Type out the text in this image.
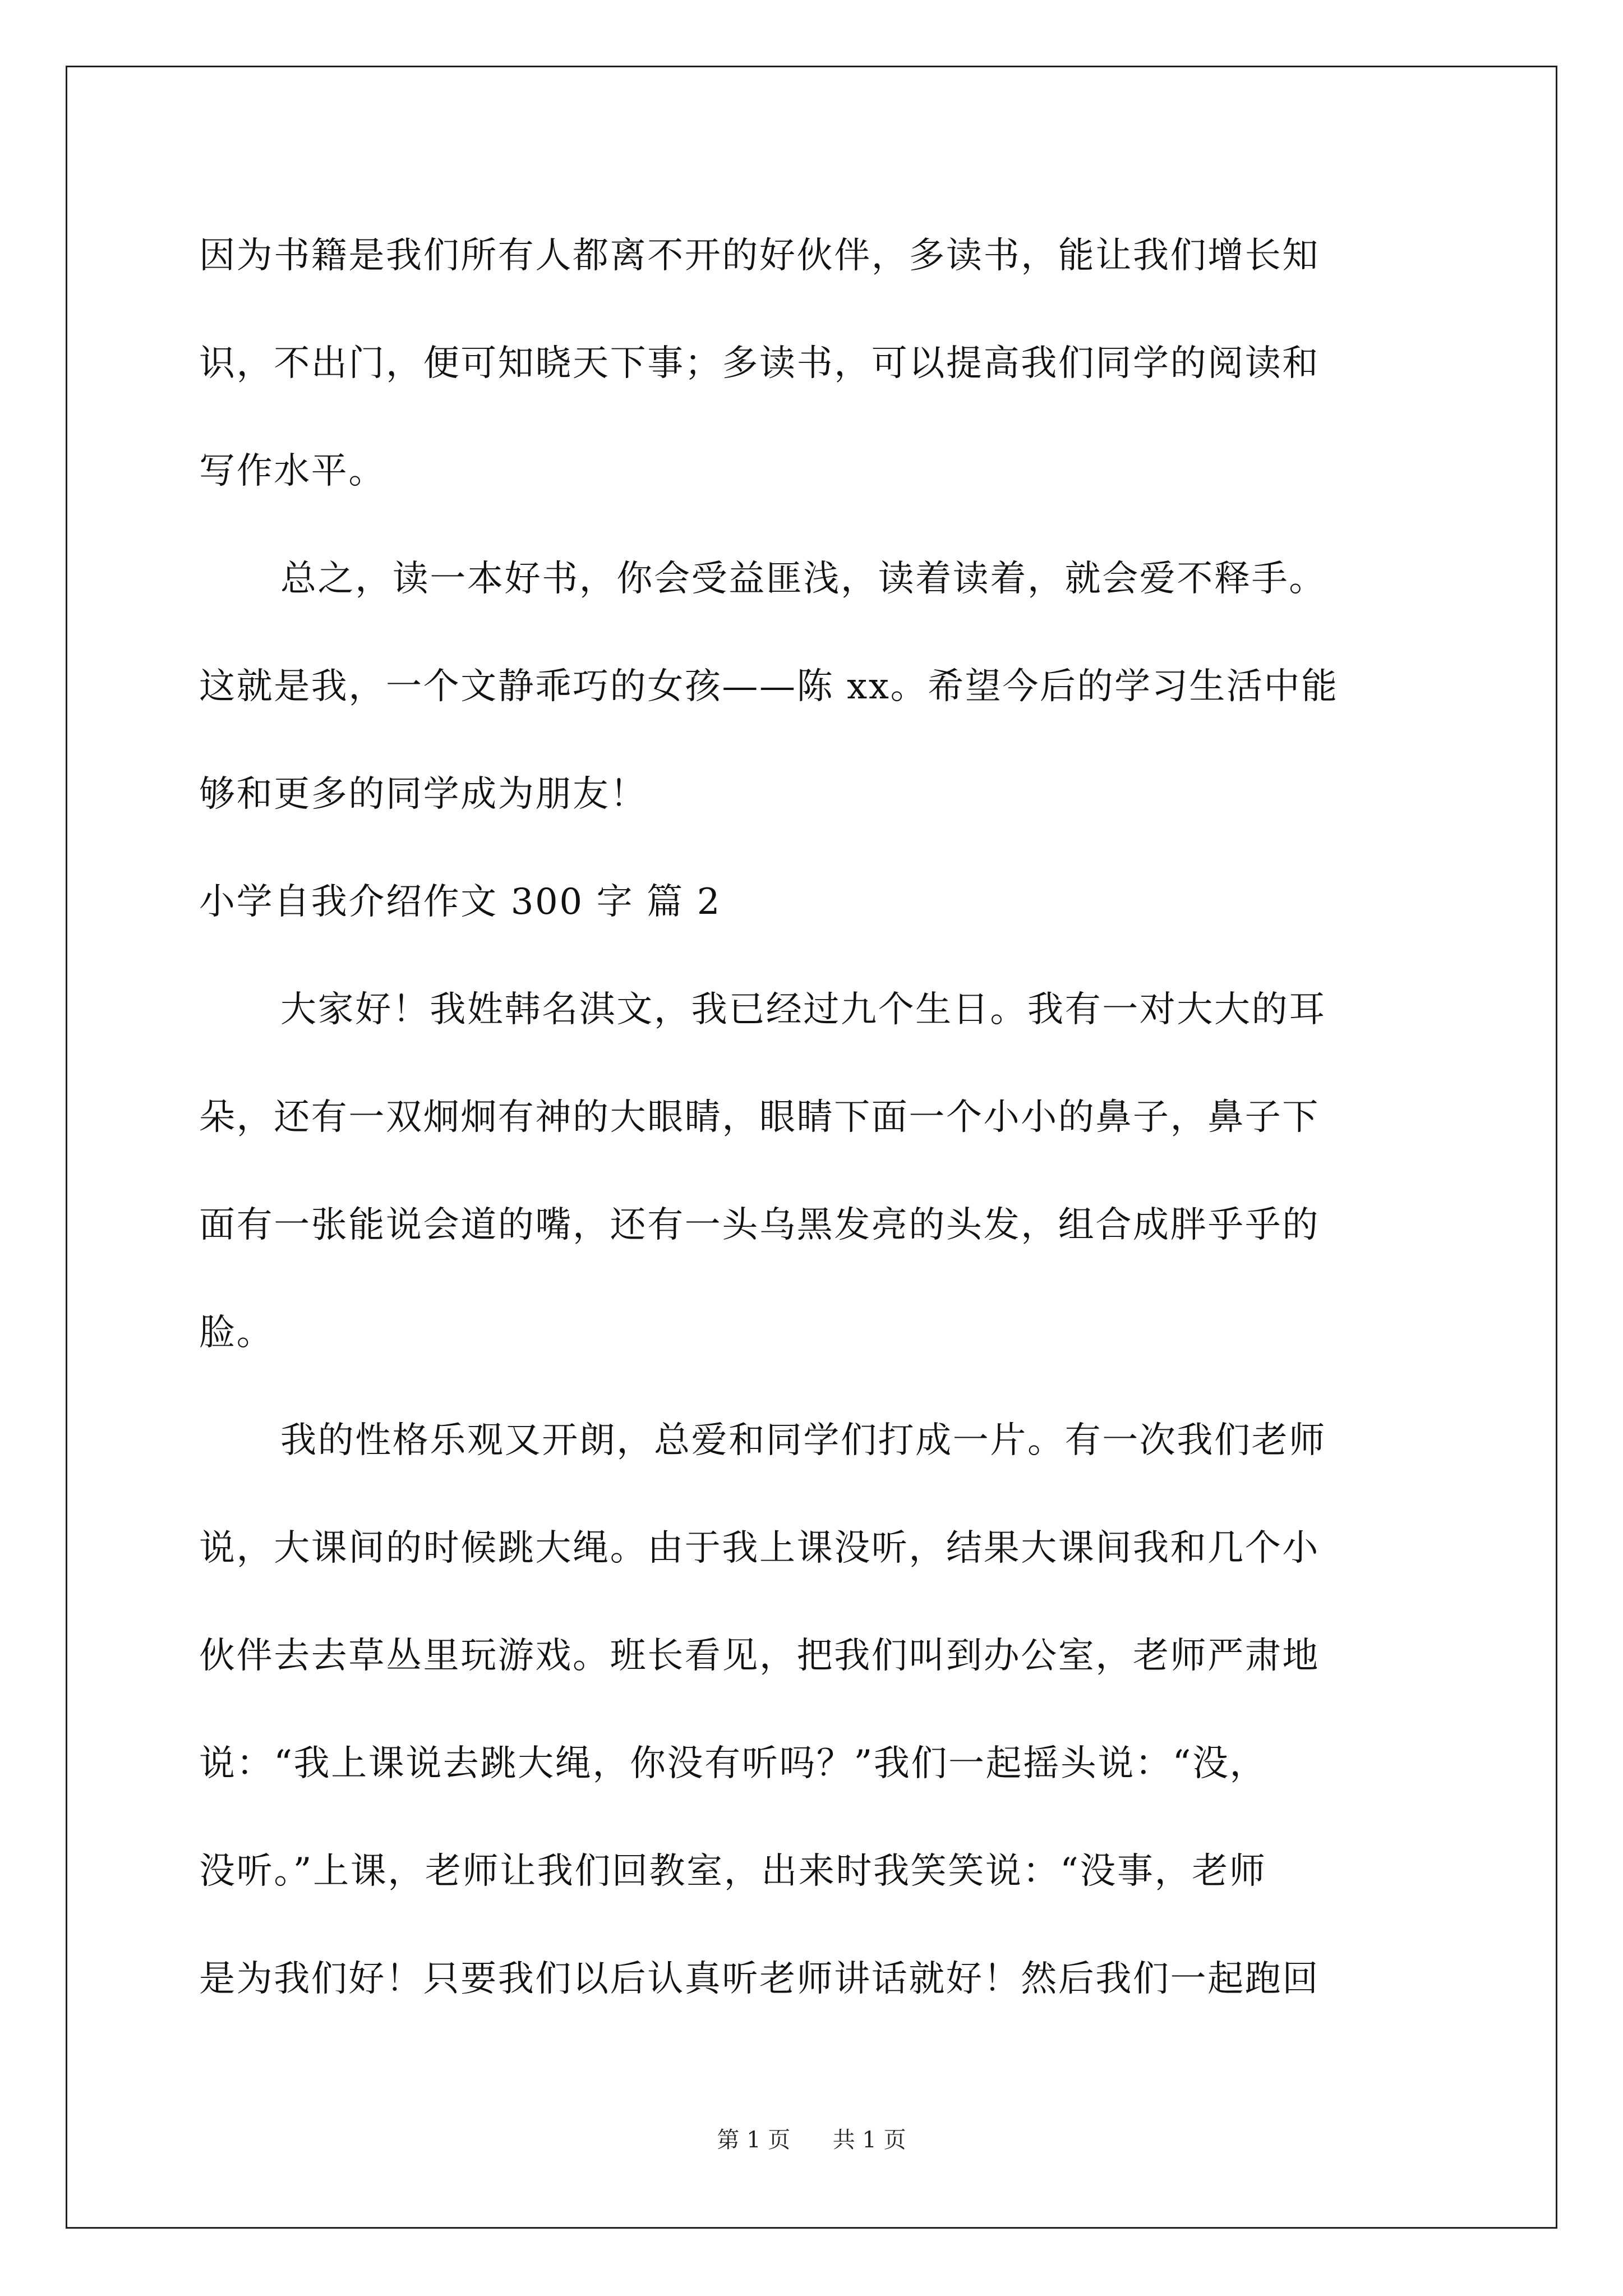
因为书籍是我们所有人都离不开的好伙伴，多读书，能让我们增长知
识，不出门，便可知晓天下事；多读书，可以提高我们同学的阅读和
写作水平。
总之，读一本好书，你会受益匪浅，读着读着，就会爱不释手。
这就是我，一个文静乖巧的女孩——陈 xx。希望今后的学习生活中能
够和更多的同学成为朋友！
小学自我介绍作文 300 字 篇 2
大家好！我姓韩名淇文，我已经过九个生日。我有一对大大的耳
朵，还有一双炯炯有神的大眼睛，眼睛下面一个小小的鼻子，鼻子下
面有一张能说会道的嘴，还有一头乌黑发亮的头发，组合成胖乎乎的
脸。
我的性格乐观又开朗，总爱和同学们打成一片。有一次我们老师
说，大课间的时候跳大绳。由于我上课没听，结果大课间我和几个小
伙伴去去草丛里玩游戏。班长看见，把我们叫到办公室，老师严肃地
说：“我上课说去跳大绳，你没有听吗？”我们一起摇头说：“没，
没听。”上课，老师让我们回教室，出来时我笑笑说：“没事，老师
是为我们好！只要我们以后认真听老师讲话就好！然后我们一起跑回
第 1 页 共 1 页
